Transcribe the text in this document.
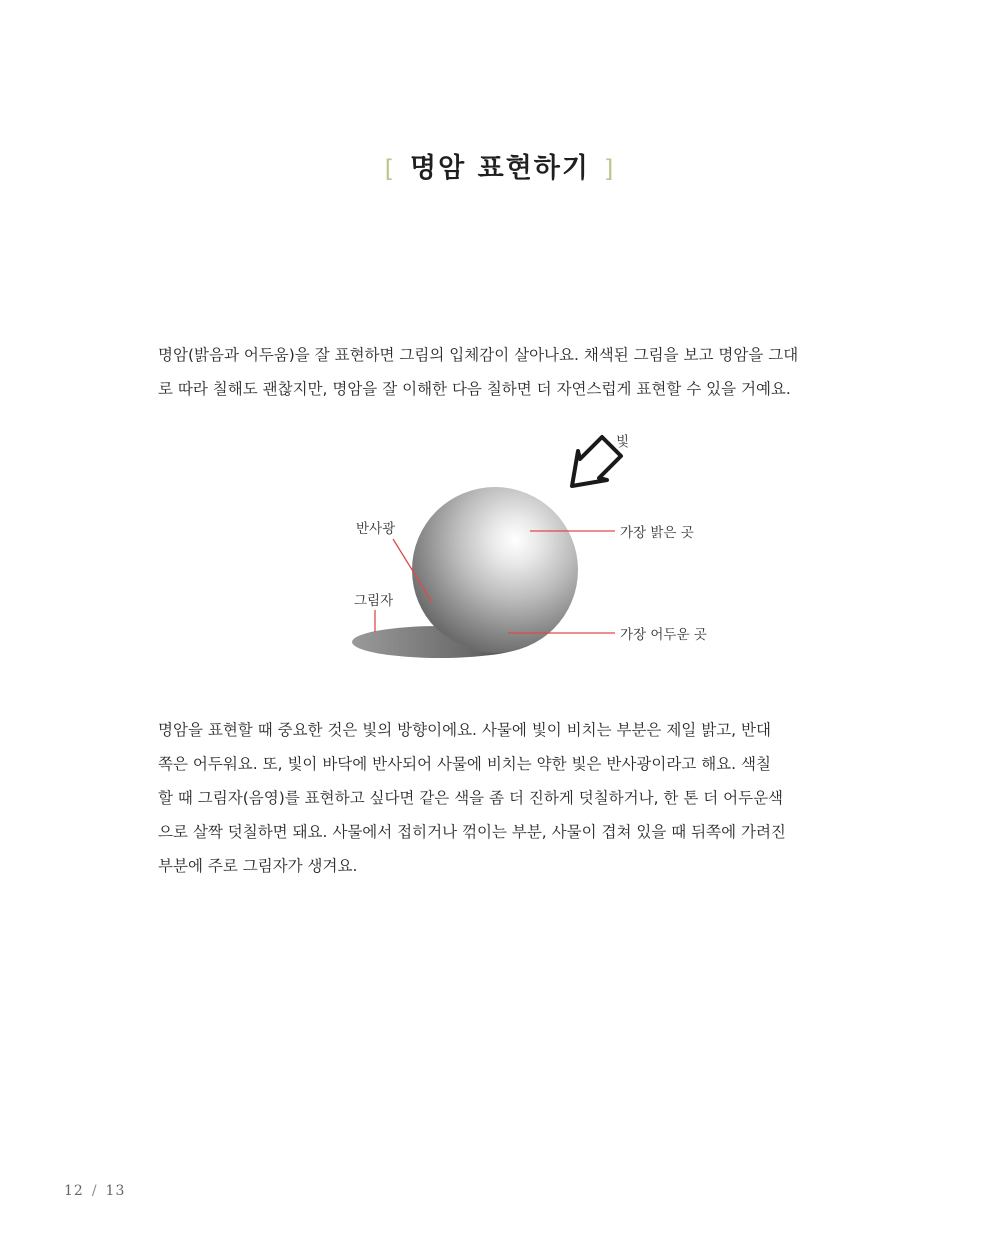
[ 명암 표현하기 ]

명암(밝음과 어두움)을 잘 표현하면 그림의 입체감이 살아나요. 채색된 그림을 보고 명암을 그대
로 따라 칠해도 괜찮지만, 명암을 잘 이해한 다음 칠하면 더 자연스럽게 표현할 수 있을 거예요.

빛
가장 밝은 곳
가장 어두운 곳
반사광
그림자

명암을 표현할 때 중요한 것은 빛의 방향이에요. 사물에 빛이 비치는 부분은 제일 밝고, 반대
쪽은 어두워요. 또, 빛이 바닥에 반사되어 사물에 비치는 약한 빛은 반사광이라고 해요. 색칠
할 때 그림자(음영)를 표현하고 싶다면 같은 색을 좀 더 진하게 덧칠하거나, 한 톤 더 어두운색
으로 살짝 덧칠하면 돼요. 사물에서 접히거나 꺾이는 부분, 사물이 겹쳐 있을 때 뒤쪽에 가려진
부분에 주로 그림자가 생겨요.

12 / 13
